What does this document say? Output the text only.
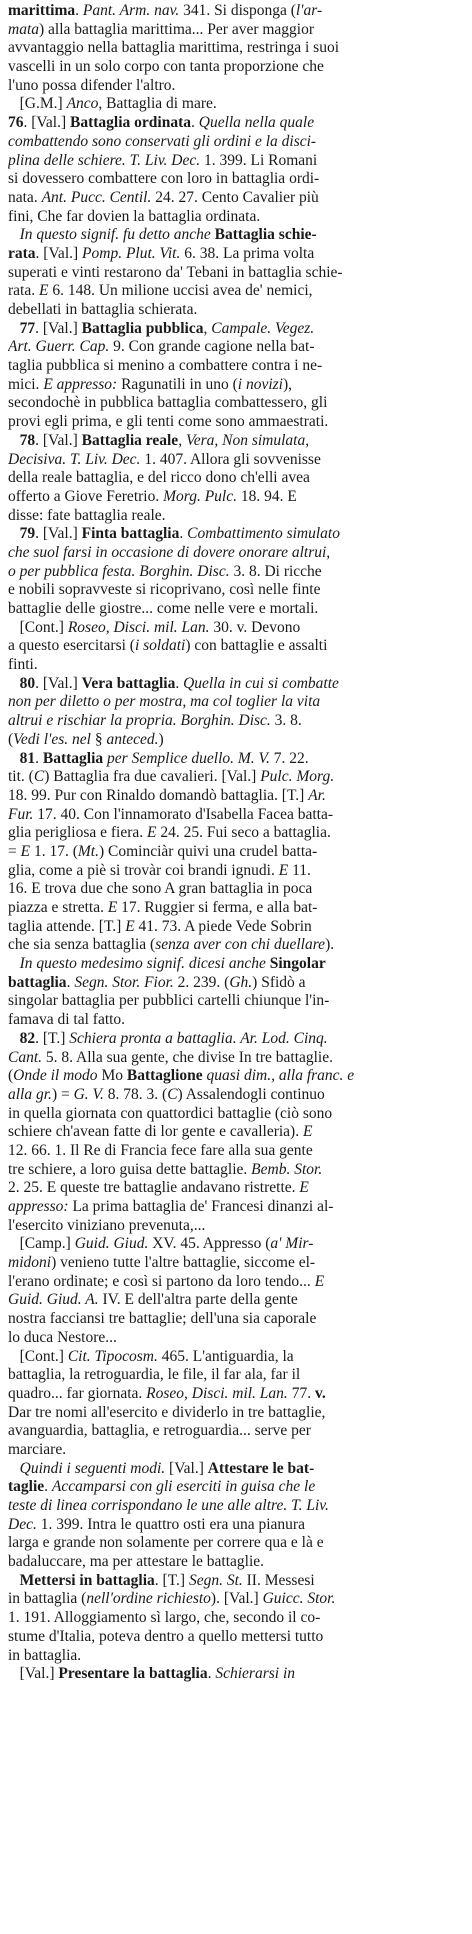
marittima. Pant. Arm. nav. 341. Si disponga (l'ar-
mata) alla battaglia marittima... Per aver maggior
avvantaggio nella battaglia marittima, restringa i suoi
vascelli in un solo corpo con tanta proporzione che
l'uno possa difender l'altro.
[G.M.] Anco, Battaglia di mare.
76. [Val.] Battaglia ordinata. Quella nella quale
combattendo sono conservati gli ordini e la disci-
plina delle schiere. T. Liv. Dec. 1. 399. Li Romani
si dovessero combattere con loro in battaglia ordi-
nata. Ant. Pucc. Centil. 24. 27. Cento Cavalier più
fini, Che far dovien la battaglia ordinata.
In questo signif. fu detto anche Battaglia schie-
rata. [Val.] Pomp. Plut. Vit. 6. 38. La prima volta
superati e vinti restarono da' Tebani in battaglia schie-
rata. E 6. 148. Un milione uccisi avea de' nemici,
debellati in battaglia schierata.
77. [Val.] Battaglia pubblica, Campale. Vegez.
Art. Guerr. Cap. 9. Con grande cagione nella bat-
taglia pubblica si menino a combattere contra i ne-
mici. E appresso: Ragunatili in uno (i novizi),
secondochè in pubblica battaglia combattessero, gli
provi egli prima, e gli tenti come sono ammaestrati.
78. [Val.] Battaglia reale, Vera, Non simulata,
Decisiva. T. Liv. Dec. 1. 407. Allora gli sovvenisse
della reale battaglia, e del ricco dono ch'elli avea
offerto a Giove Feretrio. Morg. Pulc. 18. 94. E
disse: fate battaglia reale.
79. [Val.] Finta battaglia. Combattimento simulato
che suol farsi in occasione di dovere onorare altrui,
o per pubblica festa. Borghin. Disc. 3. 8. Di ricche
e nobili sopravveste si ricoprivano, così nelle finte
battaglie delle giostre... come nelle vere e mortali.
[Cont.] Roseo, Disci. mil. Lan. 30. v. Devono
a questo esercitarsi (i soldati) con battaglie e assalti
finti.
80. [Val.] Vera battaglia. Quella in cui si combatte
non per diletto o per mostra, ma col toglier la vita
altrui e rischiar la propria. Borghin. Disc. 3. 8.
(Vedi l'es. nel § anteced.)
81. Battaglia per Semplice duello. M. V. 7. 22.
tit. (C) Battaglia fra due cavalieri. [Val.] Pulc. Morg.
18. 99. Pur con Rinaldo domandò battaglia. [T.] Ar.
Fur. 17. 40. Con l'innamorato d'Isabella Facea batta-
glia perigliosa e fiera. E 24. 25. Fui seco a battaglia.
= E 1. 17. (Mt.) Cominciàr quivi una crudel batta-
glia, come a piè si trovàr coi brandi ignudi. E 11.
16. E trova due che sono A gran battaglia in poca
piazza e stretta. E 17. Ruggier si ferma, e alla bat-
taglia attende. [T.] E 41. 73. A piede Vede Sobrin
che sia senza battaglia (senza aver con chi duellare).
In questo medesimo signif. dicesi anche Singolar
battaglia. Segn. Stor. Fior. 2. 239. (Gh.) Sfidò a
singolar battaglia per pubblici cartelli chiunque l'in-
famava di tal fatto.
82. [T.] Schiera pronta a battaglia. Ar. Lod. Cinq.
Cant. 5. 8. Alla sua gente, che divise In tre battaglie.
(Onde il modo Mo Battaglione quasi dim., alla franc. e
alla gr.) = G. V. 8. 78. 3. (C) Assalendogli continuo
in quella giornata con quattordici battaglie (ciò sono
schiere ch'avean fatte di lor gente e cavalleria). E
12. 66. 1. Il Re di Francia fece fare alla sua gente
tre schiere, a loro guisa dette battaglie. Bemb. Stor.
2. 25. E queste tre battaglie andavano ristrette. E
appresso: La prima battaglia de' Francesi dinanzi al-
l'esercito viniziano prevenuta,...
[Camp.] Guid. Giud. XV. 45. Appresso (a' Mir-
midoni) venieno tutte l'altre battaglie, siccome el-
l'erano ordinate; e così si partono da loro tendo... E
Guid. Giud. A. IV. E dell'altra parte della gente
nostra facciansi tre battaglie; dell'una sia caporale
lo duca Nestore...
[Cont.] Cit. Tipocosm. 465. L'antiguardia, la
battaglia, la retroguardia, le file, il far ala, far il
quadro... far giornata. Roseo, Disci. mil. Lan. 77. v.
Dar tre nomi all'esercito e dividerlo in tre battaglie,
avanguardia, battaglia, e retroguardia... serve per
marciare.
Quindi i seguenti modi. [Val.] Attestare le bat-
taglie. Accamparsi con gli eserciti in guisa che le
teste di linea corrispondano le une alle altre. T. Liv.
Dec. 1. 399. Intra le quattro osti era una pianura
larga e grande non solamente per correre qua e là e
badaluccare, ma per attestare le battaglie.
Mettersi in battaglia. [T.] Segn. St. II. Messesi
in battaglia (nell'ordine richiesto). [Val.] Guicc. Stor.
1. 191. Alloggiamento sì largo, che, secondo il co-
stume d'Italia, poteva dentro a quello mettersi tutto
in battaglia.
[Val.] Presentare la battaglia. Schierarsi in
